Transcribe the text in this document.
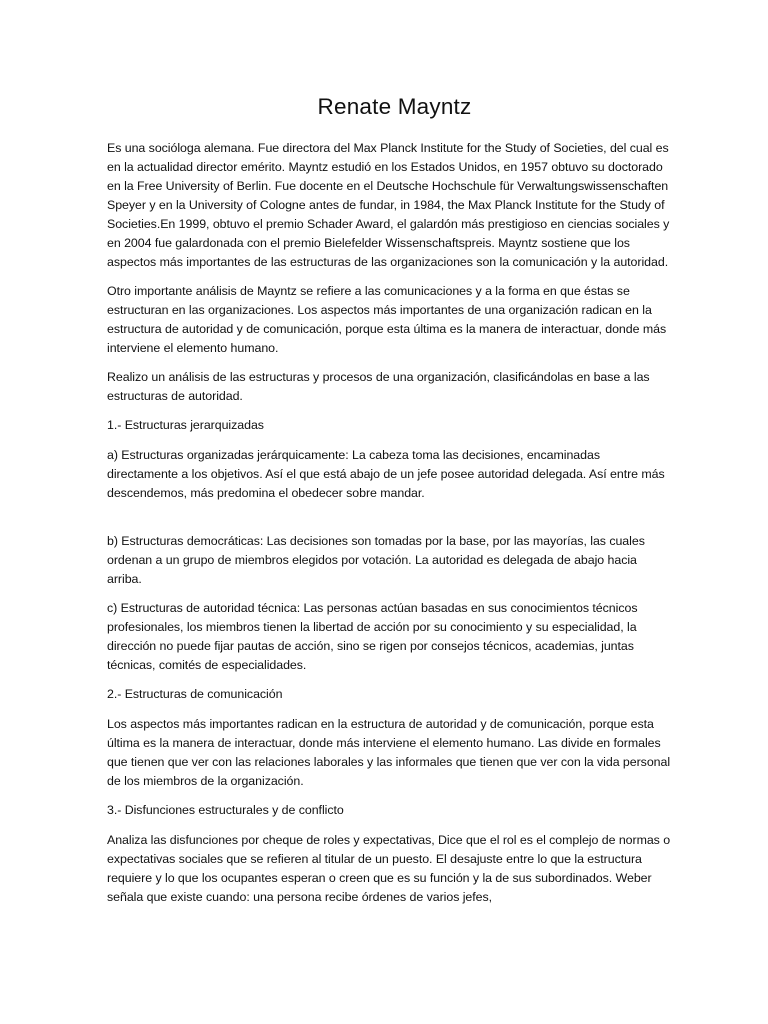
Renate Mayntz

Es una socióloga alemana. Fue directora del Max Planck Institute for the Study of Societies, del cual es en la actualidad director emérito. Mayntz estudió en los Estados Unidos, en 1957 obtuvo su doctorado en la Free University of Berlin. Fue docente en el Deutsche Hochschule für Verwaltungswissenschaften Speyer y en la University of Cologne antes de fundar, in 1984, the Max Planck Institute for the Study of Societies.En 1999, obtuvo el premio Schader Award, el galardón más prestigioso en ciencias sociales y en 2004 fue galardonada con el premio Bielefelder Wissenschaftspreis. Mayntz sostiene que los aspectos más importantes de las estructuras de las organizaciones son la comunicación y la autoridad.

Otro importante análisis de Mayntz se refiere a las comunicaciones y a la forma en que éstas se estructuran en las organizaciones. Los aspectos más importantes de una organización radican en la estructura de autoridad y de comunicación, porque esta última es la manera de interactuar, donde más interviene el elemento humano.

Realizo un análisis de las estructuras y procesos de una organización, clasificándolas en base a las estructuras de autoridad.

1.- Estructuras jerarquizadas

a) Estructuras organizadas jerárquicamente: La cabeza toma las decisiones, encaminadas directamente a los objetivos. Así el que está abajo de un jefe posee autoridad delegada. Así entre más descendemos, más predomina el obedecer sobre mandar.

b) Estructuras democráticas: Las decisiones son tomadas por la base, por las mayorías, las cuales ordenan a un grupo de miembros elegidos por votación. La autoridad es delegada de abajo hacia arriba.

c) Estructuras de autoridad técnica: Las personas actúan basadas en sus conocimientos técnicos profesionales, los miembros tienen la libertad de acción por su conocimiento y su especialidad, la dirección no puede fijar pautas de acción, sino se rigen por consejos técnicos, academias, juntas técnicas, comités de especialidades.

2.- Estructuras de comunicación

Los aspectos más importantes radican en la estructura de autoridad y de comunicación, porque esta última es la manera de interactuar, donde más interviene el elemento humano. Las divide en formales que tienen que ver con las relaciones laborales y las informales que tienen que ver con la vida personal de los miembros de la organización.

3.- Disfunciones estructurales y de conflicto

Analiza las disfunciones por cheque de roles y expectativas, Dice que el rol es el complejo de normas o expectativas sociales que se refieren al titular de un puesto. El desajuste entre lo que la estructura requiere y lo que los ocupantes esperan o creen que es su función y la de sus subordinados. Weber señala que existe cuando: una persona recibe órdenes de varios jefes,
